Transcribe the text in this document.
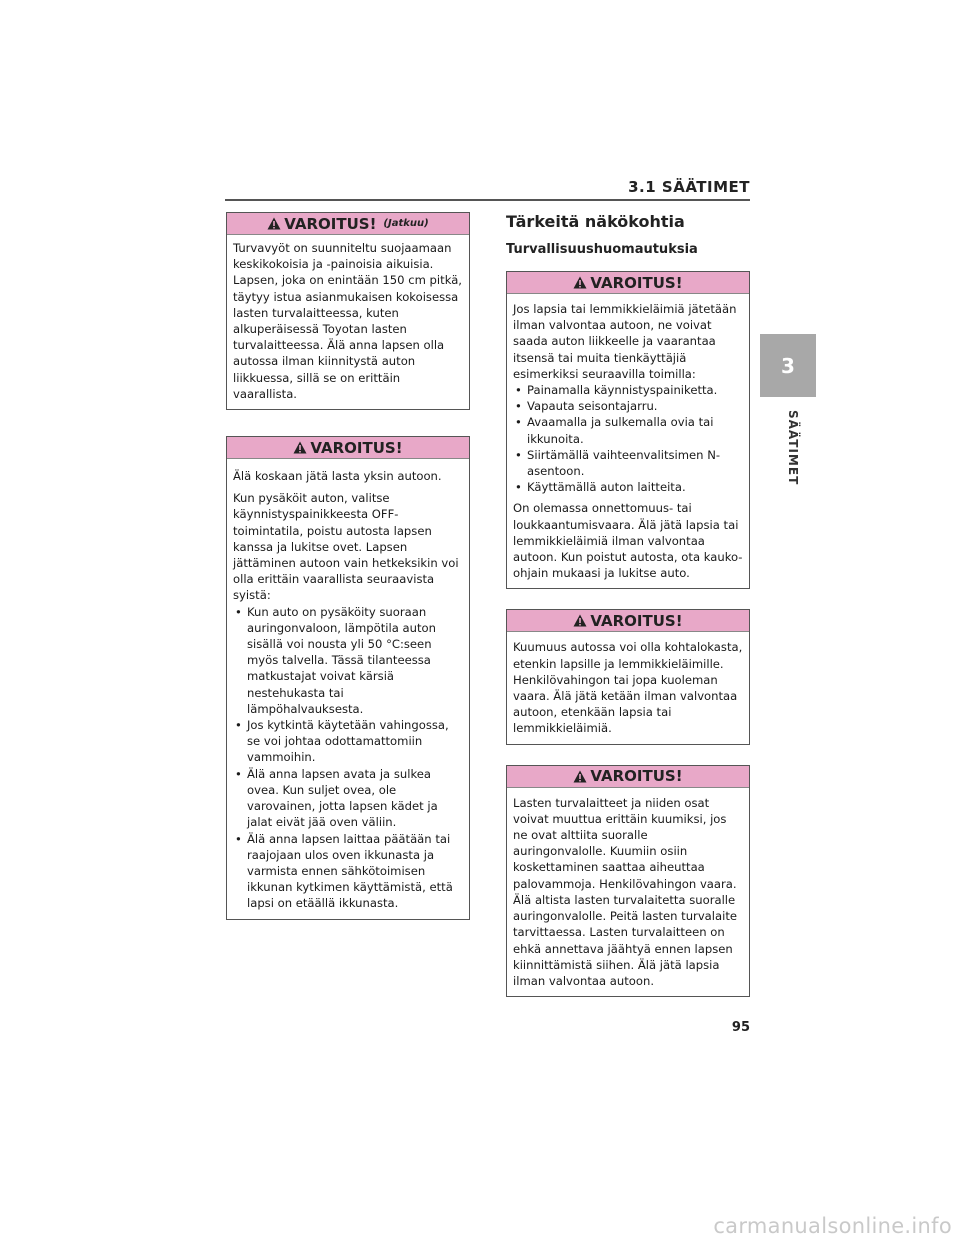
3.1 SÄÄTIMET
3
SÄÄTIMET
VAROITUS! (Jatkuu)

Turvavyöt on suunniteltu suojaamaan keskikokoisia ja -painoisia aikuisia. Lapsen, joka on enintään 150 cm pitkä, täytyy istua asianmukaisen kokoisessa lasten turvalaitteessa, kuten alkuperäisessä Toyotan lasten turvalaitteessa. Älä anna lapsen olla autossa ilman kiinnitystä auton liikkuessa, sillä se on erittäin vaarallista.

VAROITUS!

Älä koskaan jätä lasta yksin autoon.

Kun pysäköit auton, valitse käynnistyspainikkeesta OFF-toimintatila, poistu autosta lapsen kanssa ja lukitse ovet. Lapsen jättäminen autoon vain hetkeksikin voi olla erittäin vaarallista seuraavista syistä:

• Kun auto on pysäköity suoraan auringonvaloon, lämpötila auton sisällä voi nousta yli 50 °C:seen myös talvella. Tässä tilanteessa matkustajat voivat kärsiä nestehukasta tai lämpöhalvauksesta.
• Jos kytkintä käytetään vahingossa, se voi johtaa odottamattomiin vammoihin.
• Älä anna lapsen avata ja sulkea ovea. Kun suljet ovea, ole varovainen, jotta lapsen kädet ja jalat eivät jää oven väliin.
• Älä anna lapsen laittaa päätään tai raajojaan ulos oven ikkunasta ja varmista ennen sähkötoimisen ikkunan kytkimen käyttämistä, että lapsi on etäällä ikkunasta.
Tärkeitä näkökohtia
Turvallisuushuomautuksia
VAROITUS!

Jos lapsia tai lemmikkieläimiä jätetään ilman valvontaa autoon, ne voivat saada auton liikkeelle ja vaarantaa itsensä tai muita tienkäyttäjiä esimerkiksi seuraavilla toimilla:

• Painamalla käynnistyspainiketta.
• Vapauta seisontajarru.
• Avaamalla ja sulkemalla ovia tai ikkunoita.
• Siirtämällä vaihteenvalitsimen N-asentoon.
• Käyttämällä auton laitteita.

On olemassa onnettomuus- tai loukkaantumisvaara. Älä jätä lapsia tai lemmikkieläimiä ilman valvontaa autoon. Kun poistut autosta, ota kauko-ohjain mukaasi ja lukitse auto.

VAROITUS!

Kuumuus autossa voi olla kohtalokasta, etenkin lapsille ja lemmikkieläimille. Henkilövahingon tai jopa kuoleman vaara. Älä jätä ketään ilman valvontaa autoon, etenkään lapsia tai lemmikkieläimiä.

VAROITUS!

Lasten turvalaitteet ja niiden osat voivat muuttua erittäin kuumiksi, jos ne ovat alttiita suoralle auringonvalolle. Kuumiin osiin koskettaminen saattaa aiheuttaa palovammoja. Henkilövahingon vaara. Älä altista lasten turvalaitetta suoralle auringonvalolle. Peitä lasten turvalaite tarvittaessa. Lasten turvalaitteen on ehkä annettava jäähtyä ennen lapsen kiinnittämistä siihen. Älä jätä lapsia ilman valvontaa autoon.

95
carmanualsonline.info
